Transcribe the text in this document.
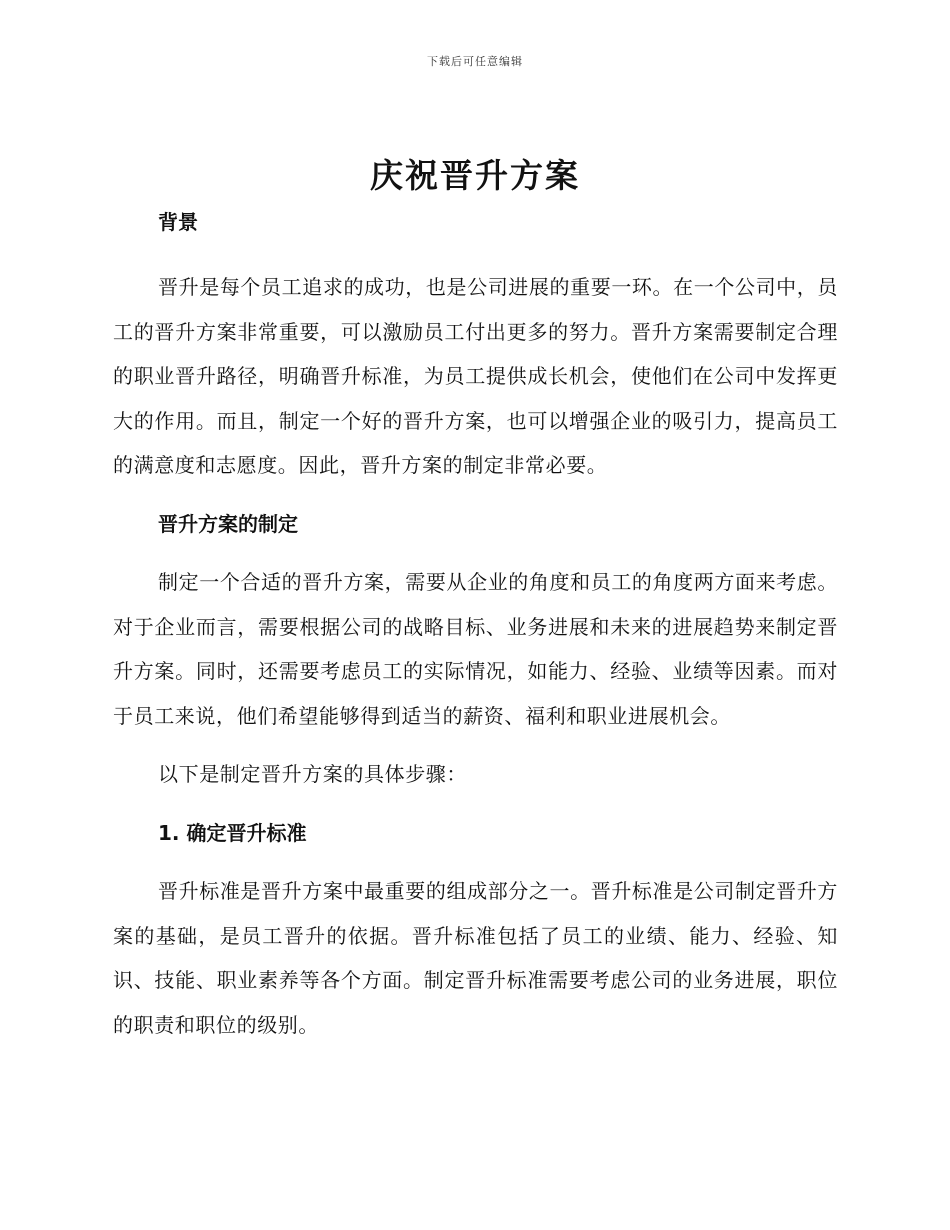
下载后可任意编辑
庆祝晋升方案

背景

晋升是每个员工追求的成功，也是公司进展的重要一环。在一个公司中，员工的晋升方案非常重要，可以激励员工付出更多的努力。晋升方案需要制定合理的职业晋升路径，明确晋升标准，为员工提供成长机会，使他们在公司中发挥更大的作用。而且，制定一个好的晋升方案，也可以增强企业的吸引力，提高员工的满意度和志愿度。因此，晋升方案的制定非常必要。

晋升方案的制定

制定一个合适的晋升方案，需要从企业的角度和员工的角度两方面来考虑。对于企业而言，需要根据公司的战略目标、业务进展和未来的进展趋势来制定晋升方案。同时，还需要考虑员工的实际情况，如能力、经验、业绩等因素。而对于员工来说，他们希望能够得到适当的薪资、福利和职业进展机会。

以下是制定晋升方案的具体步骤：

1. 确定晋升标准

晋升标准是晋升方案中最重要的组成部分之一。晋升标准是公司制定晋升方案的基础，是员工晋升的依据。晋升标准包括了员工的业绩、能力、经验、知识、技能、职业素养等各个方面。制定晋升标准需要考虑公司的业务进展，职位的职责和职位的级别。
